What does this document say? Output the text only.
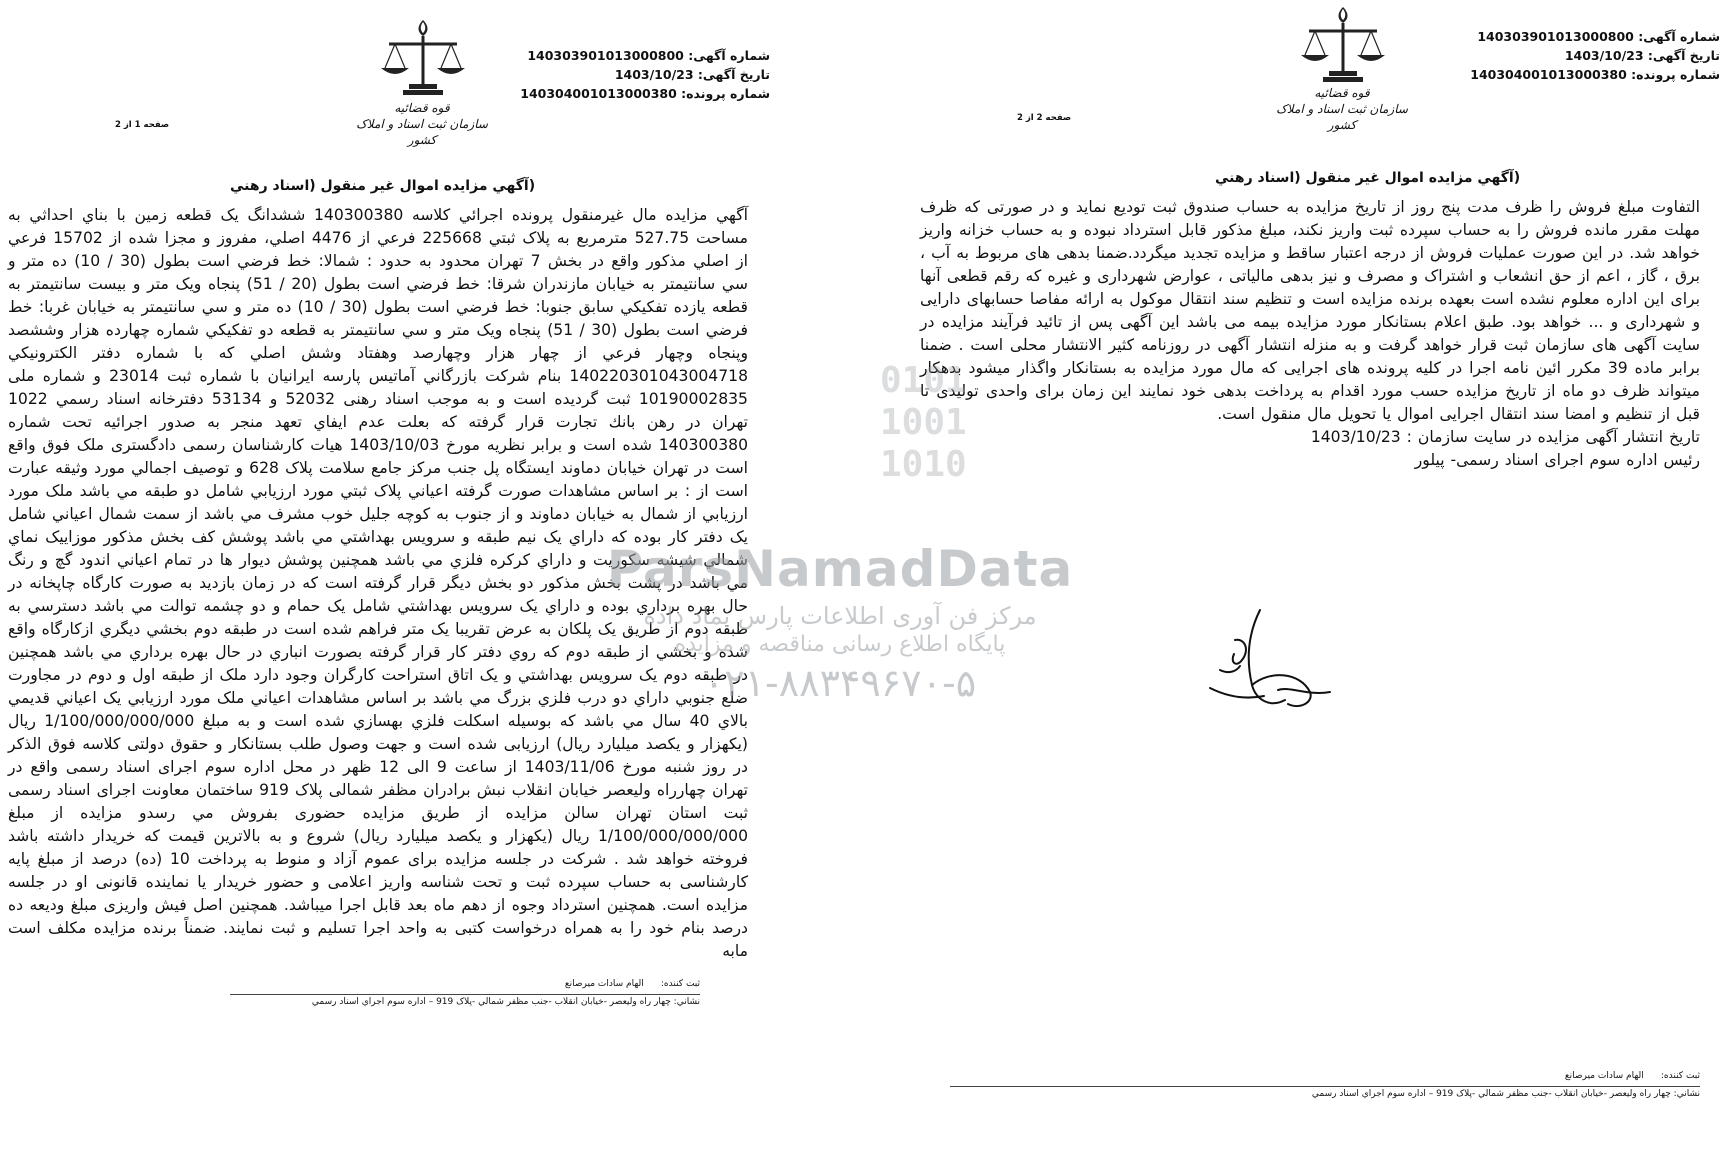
شماره آگهی: 140303901013000800
تاریخ آگهی: 1403/10/23
شماره پرونده: 140304001013000380
قوه قضائیه
سازمان ثبت اسناد و املاک کشور
صفحه 1 از 2
(آگهي مزايده اموال غير منقول (اسناد رهني
آگهي مزايده مال غيرمنقول پرونده اجرائي كلاسه 140300380 ششدانگ يک قطعه زمين با بناي احداثي به مساحت 527.75 مترمربع به پلاک ثبتي 225668 فرعي از 4476 اصلي، مفروز و مجزا شده از 15702 فرعي از اصلي مذكور واقع در بخش 7 تهران محدود به حدود : شمالا: خط فرضي است بطول (30 / 10) ده متر و سي سانتيمتر به خيابان مازندران شرقا: خط فرضي است بطول (20 / 51) پنجاه ويک متر و بيست سانتيمتر به قطعه يازده تفكيكي سابق جنوبا: خط فرضي است بطول (30 / 10) ده متر و سي سانتيمتر به خيابان غربا: خط فرضي است بطول (30 / 51) پنجاه ويک متر و سي سانتيمتر به قطعه دو تفكيكي شماره چهارده هزار وششصد وپنجاه وچهار فرعي از چهار هزار وچهارصد وهفتاد وشش اصلي كه با شماره دفتر الكترونيكي 140220301043004718 بنام شركت بازرگاني آماتيس پارسه ايرانيان با شماره ثبت 23014 و شماره ملی 10190002835 ثبت گرديده است و به موجب اسناد رهنی 52032 و 53134 دفترخانه اسناد رسمي 1022 تهران در رهن بانك تجارت قرار گرفته كه بعلت عدم ايفاي تعهد منجر به صدور اجرائيه تحت شماره 140300380 شده است و برابر نظريه مورخ 1403/10/03 هيات كارشناسان رسمی دادگستری ملک فوق واقع است در تهران خيابان دماوند ايستگاه پل جنب مركز جامع سلامت پلاک 628 و توصيف اجمالي مورد وثيقه عبارت است از : بر اساس مشاهدات صورت گرفته اعياني پلاک ثبتي مورد ارزيابي شامل دو طبقه مي باشد ملک مورد ارزيابي از شمال به خيابان دماوند و از جنوب به كوچه جليل خوب مشرف مي باشد از سمت شمال اعياني شامل يک دفتر كار بوده كه داراي يک نيم طبقه و سرويس بهداشتي مي باشد پوشش كف بخش مذكور موزاييک نماي شمالي شيشه سكوريت و داراي كركره فلزي مي باشد همچنين پوشش ديوار ها در تمام اعياني اندود گچ و رنگ مي باشد در پشت بخش مذكور دو بخش ديگر قرار گرفته است كه در زمان بازديد به صورت كارگاه چاپخانه در حال بهره برداري بوده و داراي يک سرويس بهداشتي شامل يک حمام و دو چشمه توالت مي باشد دسترسي به طبقه دوم از طريق يک پلكان به عرض تقريبا يک متر فراهم شده است در طبقه دوم بخشي ديگري ازكارگاه واقع شده و بخشي از طبقه دوم كه روي دفتر كار قرار گرفته بصورت انباري در حال بهره برداري مي باشد همچنين در طبقه دوم يک سرويس بهداشتي و يک اتاق استراحت كارگران وجود دارد ملک از طبقه اول و دوم در مجاورت ضلع جنوبي داراي دو درب فلزي بزرگ مي باشد بر اساس مشاهدات اعياني ملک مورد ارزيابي يک اعياني قديمي بالاي 40 سال مي باشد كه بوسيله اسكلت فلزي بهسازي شده است و به مبلغ 1/100/000/000/000 ريال (يكهزار و يكصد ميليارد ريال) ارزيابی شده است و جهت وصول طلب بستانكار و حقوق دولتی كلاسه فوق الذكر در روز شنبه مورخ 1403/11/06 از ساعت 9 الی 12 ظهر در محل اداره سوم اجرای اسناد رسمی واقع در تهران چهارراه وليعصر خيابان انقلاب نبش برادران مظفر شمالی پلاک 919 ساختمان معاونت اجرای اسناد رسمی ثبت استان تهران سالن مزايده از طريق مزايده حضوری بفروش مي رسدو مزايده از مبلغ 1/100/000/000/000 ريال (يكهزار و يكصد ميليارد ريال) شروع و به بالاترين قيمت كه خريدار داشته باشد فروخته خواهد شد . شركت در جلسه مزايده برای عموم آزاد و منوط به پرداخت 10 (ده) درصد از مبلغ پايه كارشناسی به حساب سپرده ثبت و تحت شناسه واريز اعلامی و حضور خريدار يا نماينده قانونی او در جلسه مزايده است. همچنين استرداد وجوه از دهم ماه بعد قابل اجرا ميباشد. همچنين اصل فيش واريزی مبلغ وديعه ده درصد بنام خود را به همراه درخواست كتبی به واحد اجرا تسليم و ثبت نمايند. ضمناً برنده مزايده مكلف است مابه
ثبت كننده:      الهام سادات ميرصانع
نشاني: چهار راه وليعصر -خيابان انقلاب -جنب مظفر شمالي -پلاک 919 – اداره سوم اجراي اسناد رسمي
شماره آگهی: 140303901013000800
تاریخ آگهی: 1403/10/23
شماره پرونده: 140304001013000380
قوه قضائیه
سازمان ثبت اسناد و املاک کشور
صفحه 2 از 2
(آگهي مزايده اموال غير منقول (اسناد رهني
التفاوت مبلغ فروش را ظرف مدت پنج روز از تاريخ مزايده به حساب صندوق ثبت توديع نمايد و در صورتی كه ظرف مهلت مقرر مانده فروش را به حساب سپرده ثبت واريز نكند، مبلغ مذكور قابل استرداد نبوده و به حساب خزانه واريز خواهد شد. در اين صورت عمليات فروش از درجه اعتبار ساقط و مزايده تجديد ميگردد.ضمنا بدهی های مربوط به آب ، برق ، گاز ، اعم از حق انشعاب و اشتراک و مصرف و نيز بدهی مالياتی ، عوارض شهرداری و غيره كه رقم قطعی آنها برای اين اداره معلوم نشده است بعهده برنده مزايده است و تنظيم سند انتقال موكول به ارائه مفاصا حسابهای دارايی و شهرداری و ... خواهد بود. طبق اعلام بستانكار مورد مزايده بيمه می باشد اين آگهی پس از تائيد فرآيند مزايده در سايت آگهی های سازمان ثبت قرار خواهد گرفت و به منزله انتشار آگهی در روزنامه كثير الانتشار محلی است . ضمنا برابر ماده 39 مكرر ائين نامه اجرا در كليه پرونده های اجرايی كه مال مورد مزايده به بستانكار واگذار ميشود بدهكار ميتواند ظرف دو ماه از تاريخ مزايده حسب مورد اقدام به پرداخت بدهی خود نمايند اين زمان برای واحدی توليدی تا قبل از تنظيم و امضا سند انتقال اجرايی اموال يا تحويل مال منقول است.
تاريخ انتشار آگهی مزايده در سايت سازمان : 1403/10/23
رئيس اداره سوم اجرای اسناد رسمی- پيلور
ثبت كننده:      الهام سادات ميرصانع
نشاني: چهار راه وليعصر -خيابان انقلاب -جنب مظفر شمالي -پلاک 919 – اداره سوم اجراي اسناد رسمي
ParsNamadData
مرکز فن آوری اطلاعات پارس نماد داده
پایگاه اطلاع رسانی مناقصه و مزایده
۰۲۱-۸۸۳۴۹۶۷۰-۵
0101 1001 1010
